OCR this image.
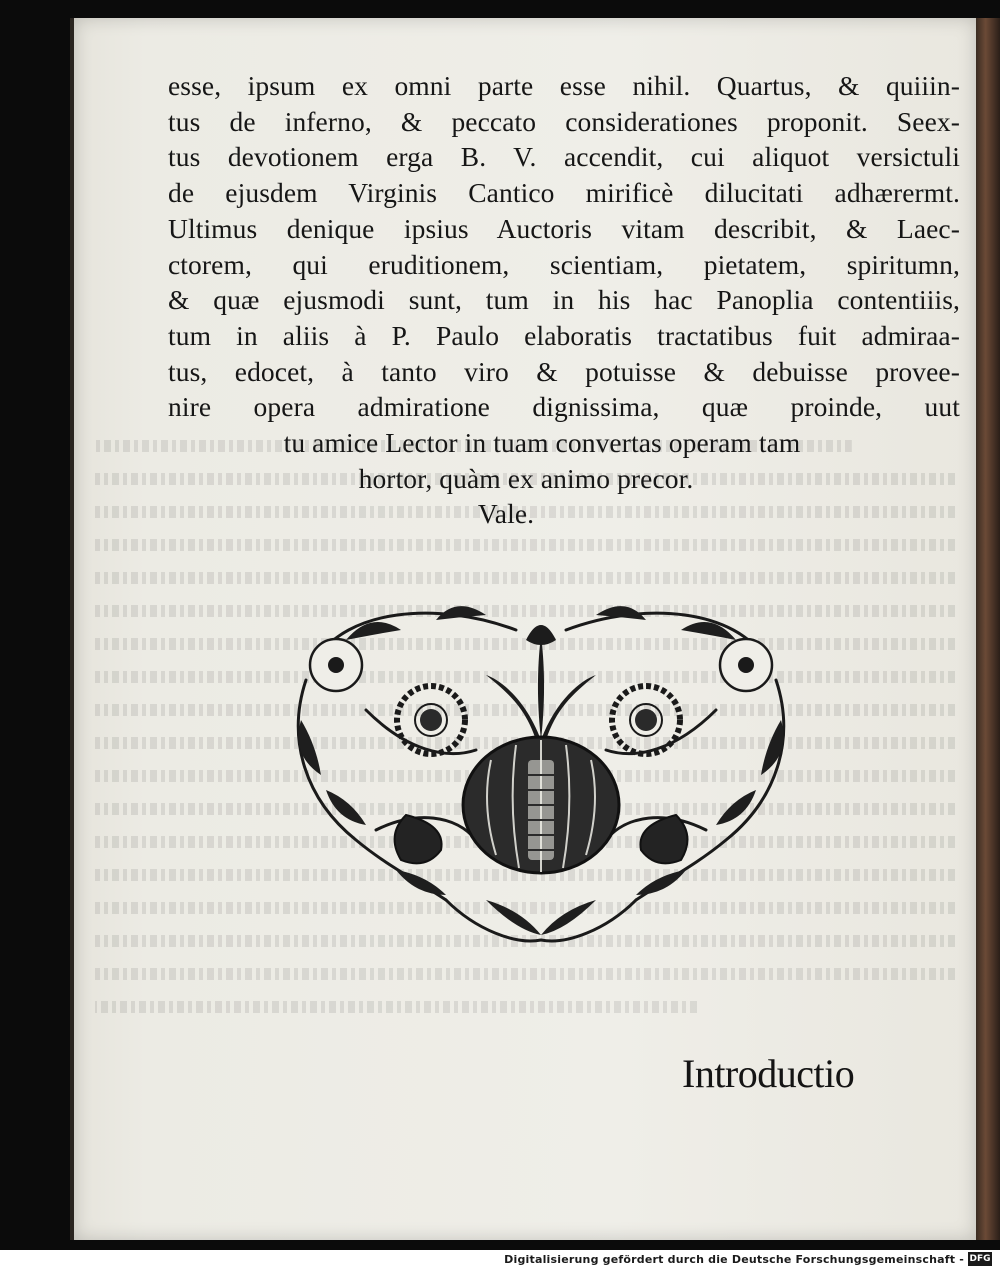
esse, ipsum ex omni parte esse nihil. Quartus, & quiiin-
tus de inferno, & peccato considerationes proponit. Seex-
tus devotionem erga B. V. accendit, cui aliquot versictuli
de ejusdem Virginis Cantico mirificè dilucitati adhærermt.
Ultimus denique ipsius Auctoris vitam describit, & Laec-
ctorem, qui eruditionem, scientiam, pietatem, spiritumn,
& quæ ejusmodi sunt, tum in his hac Panoplia contentiiis,
tum in aliis à P. Paulo elaboratis tractatibus fuit admiraa-
tus, edocet, à tanto viro & potuisse & debuisse provee-
nire opera admiratione dignissima, quæ proinde, uut
tu amice Lector in tuam convertas operam tam
hortor, quàm ex animo precor.
Vale.
Introductio
Digitalisierung gefördert durch die Deutsche Forschungsgemeinschaft - DFG
